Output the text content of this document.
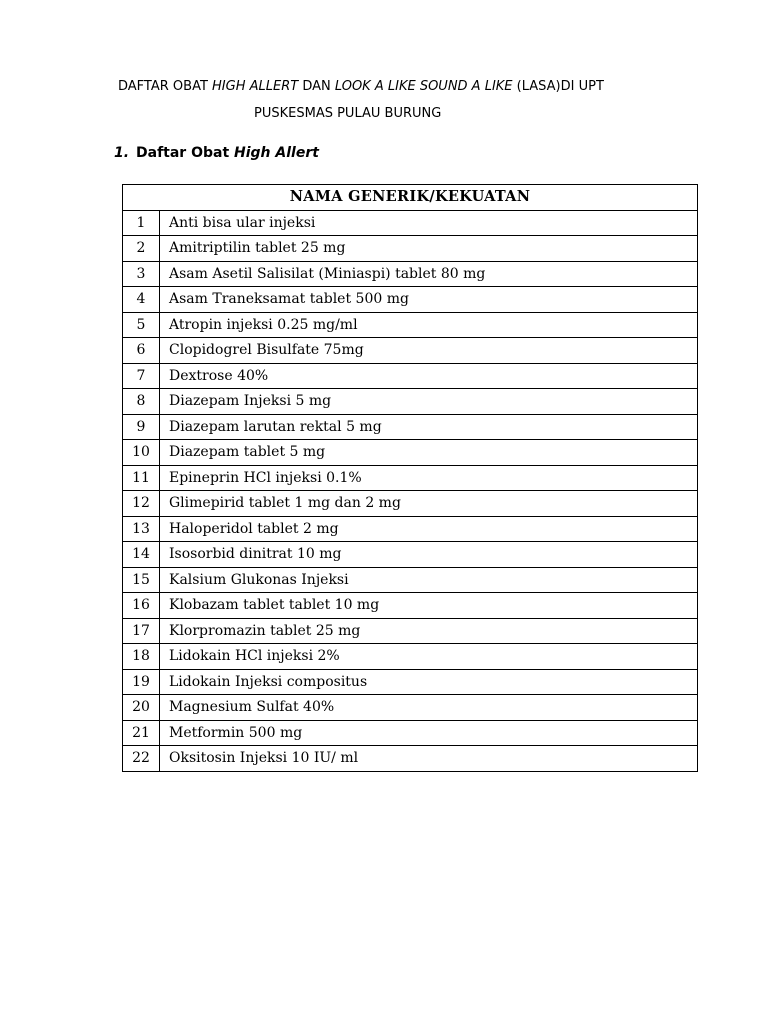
DAFTAR OBAT HIGH ALLERT DAN LOOK A LIKE SOUND A LIKE (LASA)DI UPT
PUSKESMAS PULAU BURUNG
1. Daftar Obat High Allert
NAMA GENERIK/KEKUATAN	
1	Anti bisa ular injeksi
2	Amitriptilin tablet 25 mg
3	Asam Asetil Salisilat (Miniaspi) tablet 80 mg
4	Asam Traneksamat tablet 500 mg
5	Atropin injeksi 0.25 mg/ml
6	Clopidogrel Bisulfate 75mg
7	Dextrose 40%
8	Diazepam Injeksi 5 mg
9	Diazepam larutan rektal 5 mg
10	Diazepam tablet 5 mg
11	Epineprin HCl injeksi 0.1%
12	Glimepirid tablet 1 mg dan 2 mg
13	Haloperidol tablet 2 mg
14	Isosorbid dinitrat 10 mg
15	Kalsium Glukonas Injeksi
16	Klobazam tablet tablet 10 mg
17	Klorpromazin tablet 25 mg
18	Lidokain HCl injeksi 2%
19	Lidokain Injeksi compositus
20	Magnesium Sulfat 40%
21	Metformin 500 mg
22	Oksitosin Injeksi 10 IU/ ml
